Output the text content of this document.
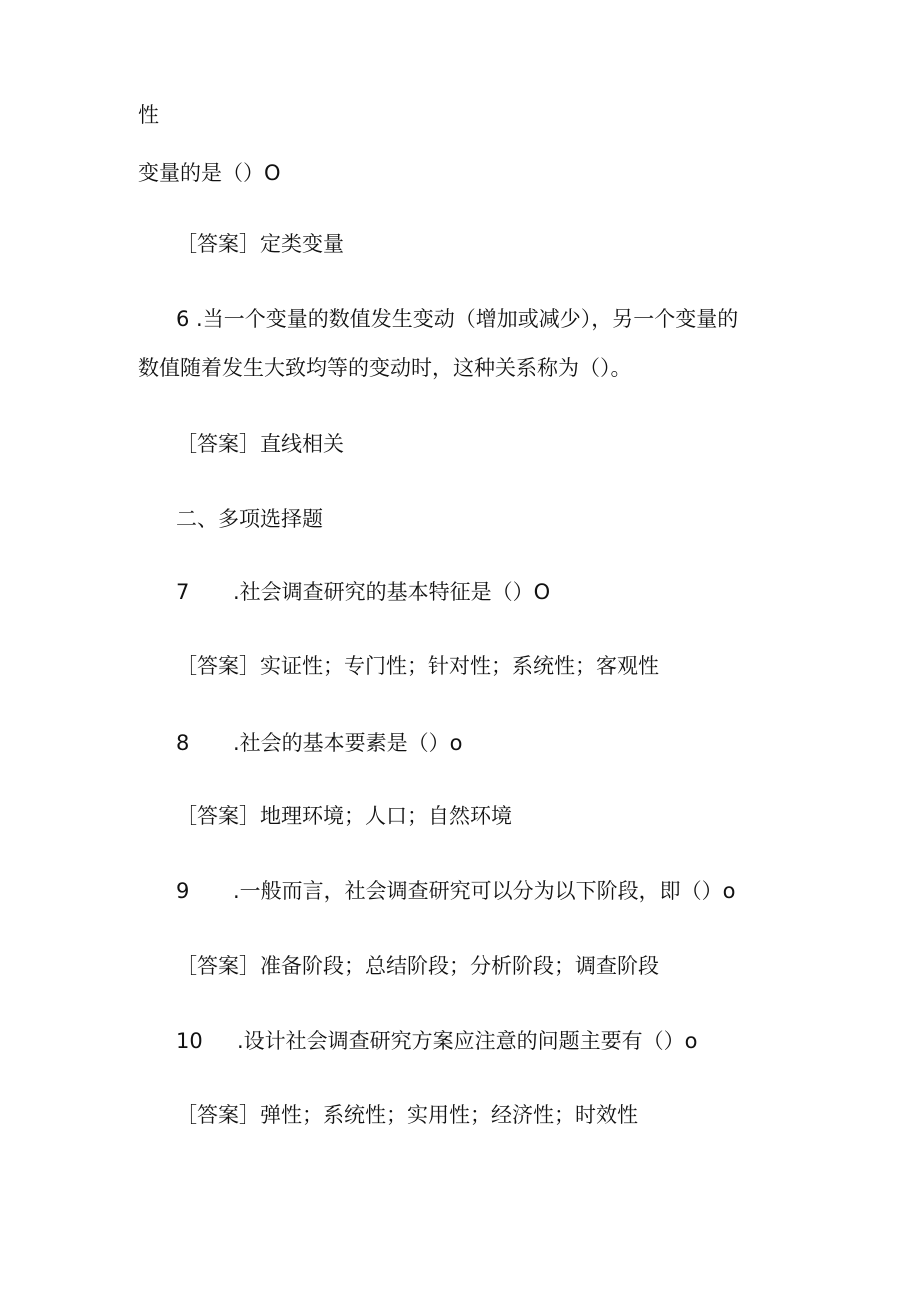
性
变量的是（）O
［答案］定类变量
6 .当一个变量的数值发生变动（增加或减少），另一个变量的
数值随着发生大致均等的变动时，这种关系称为（）。
［答案］直线相关
二、多项选择题
7 .社会调查研究的基本特征是（）O
［答案］实证性；专门性；针对性；系统性；客观性
8 .社会的基本要素是（）o
［答案］地理环境；人口；自然环境
9 .一般而言，社会调查研究可以分为以下阶段，即（）o
［答案］准备阶段；总结阶段；分析阶段；调查阶段
10 .设计社会调查研究方案应注意的问题主要有（）o
［答案］弹性；系统性；实用性；经济性；时效性
